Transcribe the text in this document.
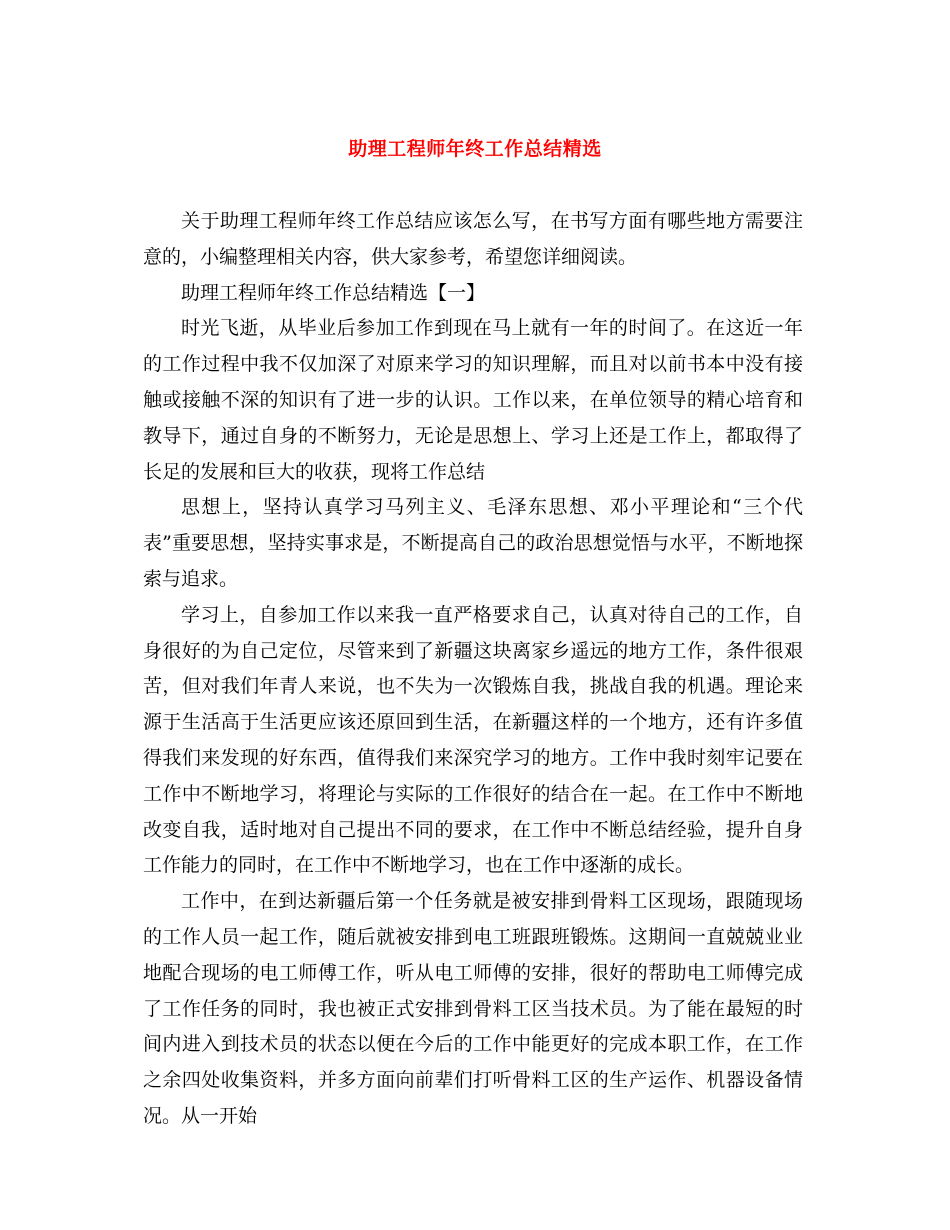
助理工程师年终工作总结精选

关于助理工程师年终工作总结应该怎么写，在书写方面有哪些地方需要注意的，小编整理相关内容，供大家参考，希望您详细阅读。

助理工程师年终工作总结精选【一】

时光飞逝，从毕业后参加工作到现在马上就有一年的时间了。在这近一年的工作过程中我不仅加深了对原来学习的知识理解，而且对以前书本中没有接触或接触不深的知识有了进一步的认识。工作以来，在单位领导的精心培育和教导下，通过自身的不断努力，无论是思想上、学习上还是工作上，都取得了长足的发展和巨大的收获，现将工作总结

思想上，坚持认真学习马列主义、毛泽东思想、邓小平理论和“三个代表”重要思想，坚持实事求是，不断提高自己的政治思想觉悟与水平，不断地探索与追求。

学习上，自参加工作以来我一直严格要求自己，认真对待自己的工作，自身很好的为自己定位，尽管来到了新疆这块离家乡遥远的地方工作，条件很艰苦，但对我们年青人来说，也不失为一次锻炼自我，挑战自我的机遇。理论来源于生活高于生活更应该还原回到生活，在新疆这样的一个地方，还有许多值得我们来发现的好东西，值得我们来深究学习的地方。工作中我时刻牢记要在工作中不断地学习，将理论与实际的工作很好的结合在一起。在工作中不断地改变自我，适时地对自己提出不同的要求，在工作中不断总结经验，提升自身工作能力的同时，在工作中不断地学习，也在工作中逐渐的成长。

工作中，在到达新疆后第一个任务就是被安排到骨料工区现场，跟随现场的工作人员一起工作，随后就被安排到电工班跟班锻炼。这期间一直兢兢业业地配合现场的电工师傅工作，听从电工师傅的安排，很好的帮助电工师傅完成了工作任务的同时，我也被正式安排到骨料工区当技术员。为了能在最短的时间内进入到技术员的状态以便在今后的工作中能更好的完成本职工作，在工作之余四处收集资料，并多方面向前辈们打听骨料工区的生产运作、机器设备情况。从一开始
